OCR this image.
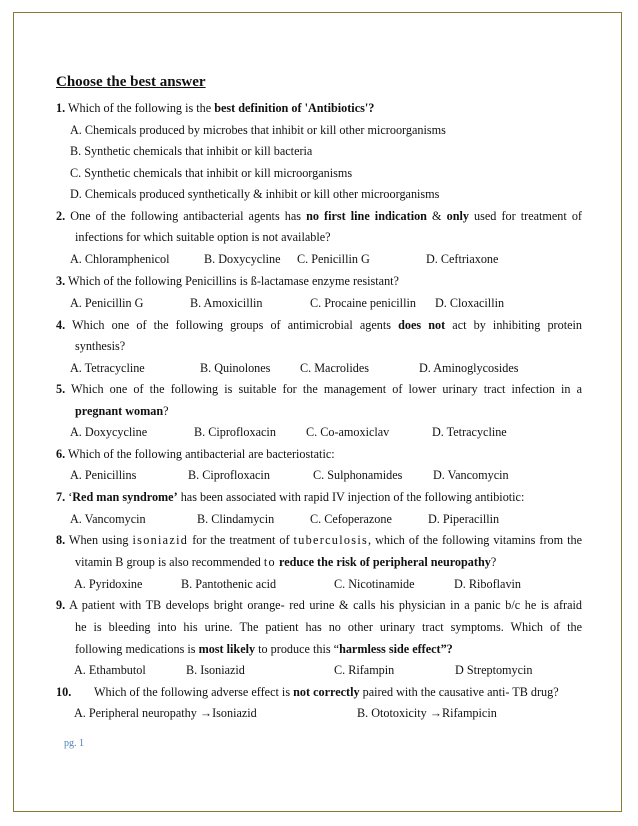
Choose the best answer
1. Which of the following is the best definition of 'Antibiotics'?
A. Chemicals produced by microbes that inhibit or kill other microorganisms
B. Synthetic chemicals that inhibit or kill bacteria
C. Synthetic chemicals that inhibit or kill microorganisms
D. Chemicals produced synthetically & inhibit or kill other microorganisms
2. One of the following antibacterial agents has no first line indication & only used for treatment of
infections for which suitable option is not available?
A. Chloramphenicol	B. Doxycycline C. Penicillin G	D. Ceftriaxone
3. Which of the following Penicillins is ß-lactamase enzyme resistant?
A. Penicillin G	B. Amoxicillin	C. Procaine penicillin D. Cloxacillin
4. Which one of the following groups of antimicrobial agents does not act by inhibiting protein
synthesis?
A. Tetracycline	B. Quinolones C. Macrolides	D. Aminoglycosides
5. Which one of the following is suitable for the management of lower urinary tract infection in a
pregnant woman?
A. Doxycycline	B. Ciprofloxacin C. Co-amoxiclav	D. Tetracycline
6. Which of the following antibacterial are bacteriostatic:
A. Penicillins	B. Ciprofloxacin	C. Sulphonamides	D. Vancomycin
7. ‘Red man syndrome’ has been associated with rapid IV injection of the following antibiotic:
A. Vancomycin	B. Clindamycin	C. Cefoperazone	D. Piperacillin
8. When using isoniazid for the treatment of tuberculosis, which of the following vitamins from the
vitamin B group is also recommended to reduce the risk of peripheral neuropathy?
A. Pyridoxine	B. Pantothenic acid	C. Nicotinamide	D. Riboflavin
9. A patient with TB develops bright orange- red urine & calls his physician in a panic b/c he is afraid
he is bleeding into his urine. The patient has no other urinary tract symptoms. Which of the
following medications is most likely to produce this “harmless side effect”?
A. Ethambutol	B. Isoniazid	C. Rifampin	D Streptomycin
10. Which of the following adverse effect is not correctly paired with the causative anti- TB drug?
A. Peripheral neuropathy →Isoniazid	B. Ototoxicity →Rifampicin
pg. 1
